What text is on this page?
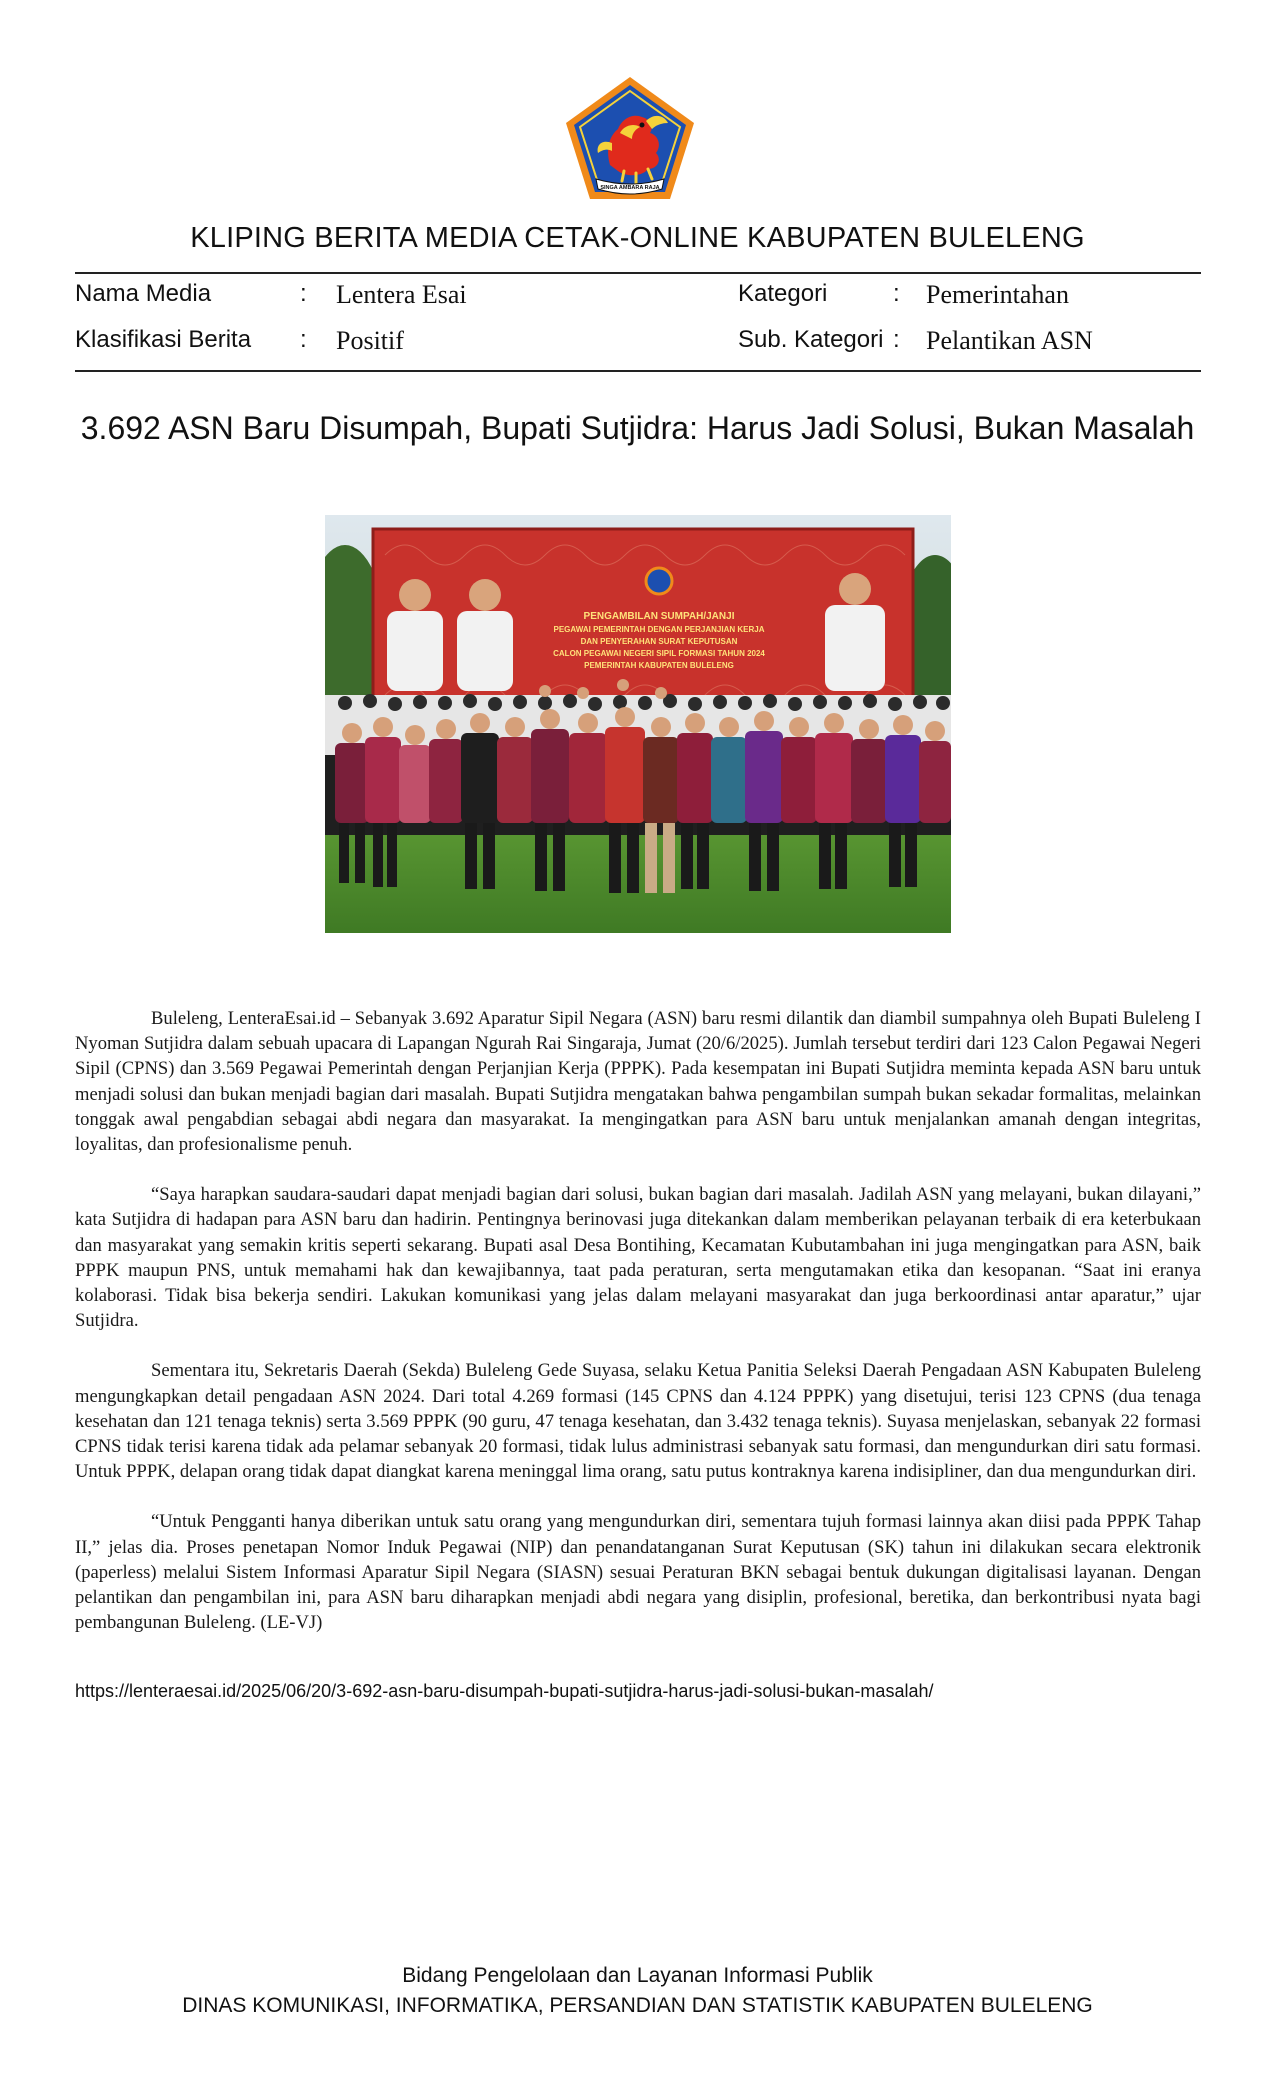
SINGA AMBARA RAJA
KLIPING BERITA MEDIA CETAK-ONLINE KABUPATEN BULELENG
Nama Media	: Lentera Esai
Klasifikasi Berita : Positif
Kategori	: Pemerintahan
Sub. Kategori : Pelantikan ASN
3.692 ASN Baru Disumpah, Bupati Sutjidra: Harus Jadi Solusi, Bukan Masalah
PENGAMBILAN SUMPAH/JANJI
PEGAWAI PEMERINTAH DENGAN PERJANJIAN KERJA
DAN PENYERAHAN SURAT KEPUTUSAN
CALON PEGAWAI NEGERI SIPIL FORMASI TAHUN 2024
PEMERINTAH KABUPATEN BULELENG

Buleleng, LenteraEsai.id – Sebanyak 3.692 Aparatur Sipil Negara (ASN) baru resmi dilantik dan diambil sumpahnya oleh Bupati Buleleng I Nyoman Sutjidra dalam sebuah upacara di Lapangan Ngurah Rai Singaraja, Jumat (20/6/2025). Jumlah tersebut terdiri dari 123 Calon Pegawai Negeri Sipil (CPNS) dan 3.569 Pegawai Pemerintah dengan Perjanjian Kerja (PPPK). Pada kesempatan ini Bupati Sutjidra meminta kepada ASN baru untuk menjadi solusi dan bukan menjadi bagian dari masalah. Bupati Sutjidra mengatakan bahwa pengambilan sumpah bukan sekadar formalitas, melainkan tonggak awal pengabdian sebagai abdi negara dan masyarakat. Ia mengingatkan para ASN baru untuk menjalankan amanah dengan integritas, loyalitas, dan profesionalisme penuh.

“Saya harapkan saudara-saudari dapat menjadi bagian dari solusi, bukan bagian dari masalah. Jadilah ASN yang melayani, bukan dilayani,” kata Sutjidra di hadapan para ASN baru dan hadirin. Pentingnya berinovasi juga ditekankan dalam memberikan pelayanan terbaik di era keterbukaan dan masyarakat yang semakin kritis seperti sekarang. Bupati asal Desa Bontihing, Kecamatan Kubutambahan ini juga mengingatkan para ASN, baik PPPK maupun PNS, untuk memahami hak dan kewajibannya, taat pada peraturan, serta mengutamakan etika dan kesopanan. “Saat ini eranya kolaborasi. Tidak bisa bekerja sendiri. Lakukan komunikasi yang jelas dalam melayani masyarakat dan juga berkoordinasi antar aparatur,” ujar Sutjidra.

Sementara itu, Sekretaris Daerah (Sekda) Buleleng Gede Suyasa, selaku Ketua Panitia Seleksi Daerah Pengadaan ASN Kabupaten Buleleng mengungkapkan detail pengadaan ASN 2024. Dari total 4.269 formasi (145 CPNS dan 4.124 PPPK) yang disetujui, terisi 123 CPNS (dua tenaga kesehatan dan 121 tenaga teknis) serta 3.569 PPPK (90 guru, 47 tenaga kesehatan, dan 3.432 tenaga teknis). Suyasa menjelaskan, sebanyak 22 formasi CPNS tidak terisi karena tidak ada pelamar sebanyak 20 formasi, tidak lulus administrasi sebanyak satu formasi, dan mengundurkan diri satu formasi. Untuk PPPK, delapan orang tidak dapat diangkat karena meninggal lima orang, satu putus kontraknya karena indisipliner, dan dua mengundurkan diri.

“Untuk Pengganti hanya diberikan untuk satu orang yang mengundurkan diri, sementara tujuh formasi lainnya akan diisi pada PPPK Tahap II,” jelas dia. Proses penetapan Nomor Induk Pegawai (NIP) dan penandatanganan Surat Keputusan (SK) tahun ini dilakukan secara elektronik (paperless) melalui Sistem Informasi Aparatur Sipil Negara (SIASN) sesuai Peraturan BKN sebagai bentuk dukungan digitalisasi layanan. Dengan pelantikan dan pengambilan ini, para ASN baru diharapkan menjadi abdi negara yang disiplin, profesional, beretika, dan berkontribusi nyata bagi pembangunan Buleleng. (LE-VJ)

https://lenteraesai.id/2025/06/20/3-692-asn-baru-disumpah-bupati-sutjidra-harus-jadi-solusi-bukan-masalah/
Bidang Pengelolaan dan Layanan Informasi Publik
DINAS KOMUNIKASI, INFORMATIKA, PERSANDIAN DAN STATISTIK KABUPATEN BULELENG
